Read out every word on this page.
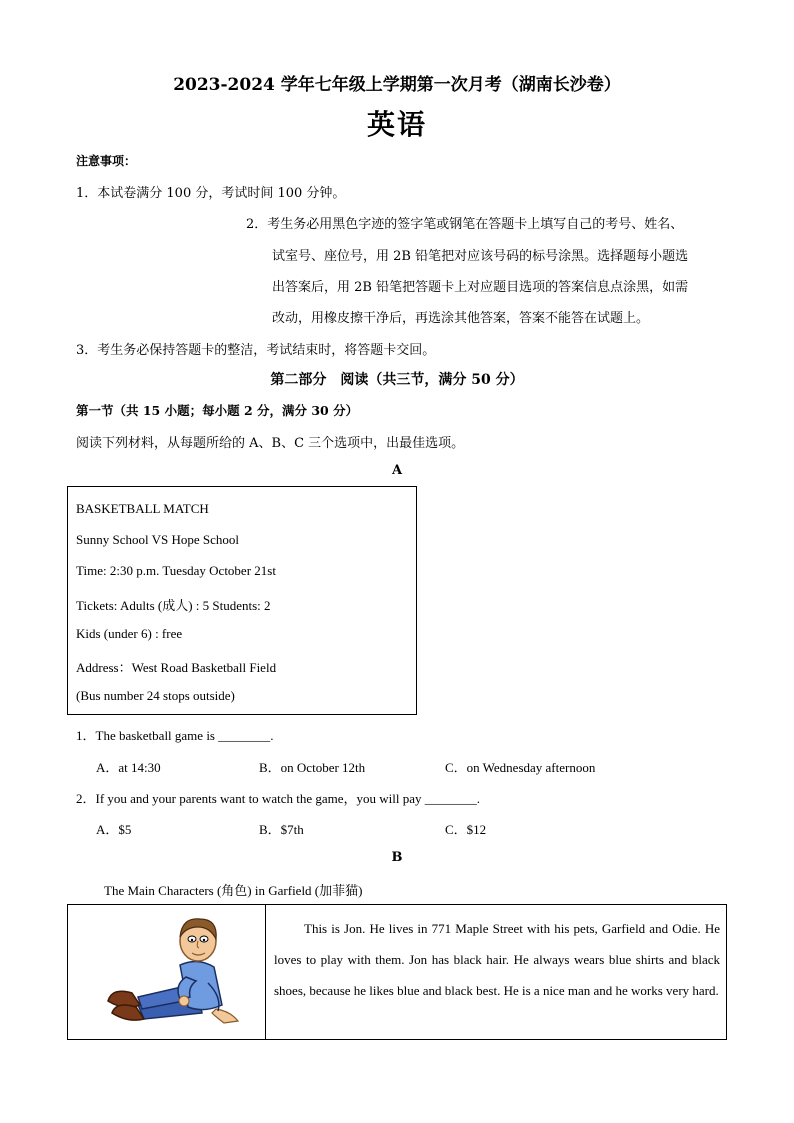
2023-2024 学年七年级上学期第一次月考（湖南长沙卷）
英语
注意事项：
1．本试卷满分 100 分，考试时间 100 分钟。
2．考生务必用黑色字迹的签字笔或钢笔在答题卡上填写自己的考号、姓名、
试室号、座位号，用 2B 铅笔把对应该号码的标号涂黑。选择题每小题选
出答案后，用 2B 铅笔把答题卡上对应题目选项的答案信息点涂黑，如需
改动，用橡皮擦干净后，再选涂其他答案，答案不能答在试题上。
3．考生务必保持答题卡的整洁，考试结束时，将答题卡交回。
第二部分　阅读（共三节，满分 50 分）
第一节（共 15 小题；每小题 2 分，满分 30 分）
阅读下列材料，从每题所给的 A、B、C 三个选项中，出最佳选项。
A
BASKETBALL MATCH
Sunny School VS Hope School
Time: 2:30 p.m. Tuesday October 21st
Tickets: Adults (成人) : 5 Students: 2
Kids (under 6) : free
Address：West Road Basketball Field
(Bus number 24 stops outside)
1．The basketball game is ________.
A．at 14:30	B．on October 12th	C．on Wednesday afternoon
2．If you and your parents want to watch the game，you will pay ________.
A．$5	B．$7th	C．$12
B
The Main Characters (角色) in Garfield (加菲猫)
This is Jon. He lives in 771 Maple Street with his pets, Garfield and Odie. He loves to play with them. Jon has black hair. He always wears blue shirts and black shoes, because he likes blue and black best. He is a nice man and he works very hard.
